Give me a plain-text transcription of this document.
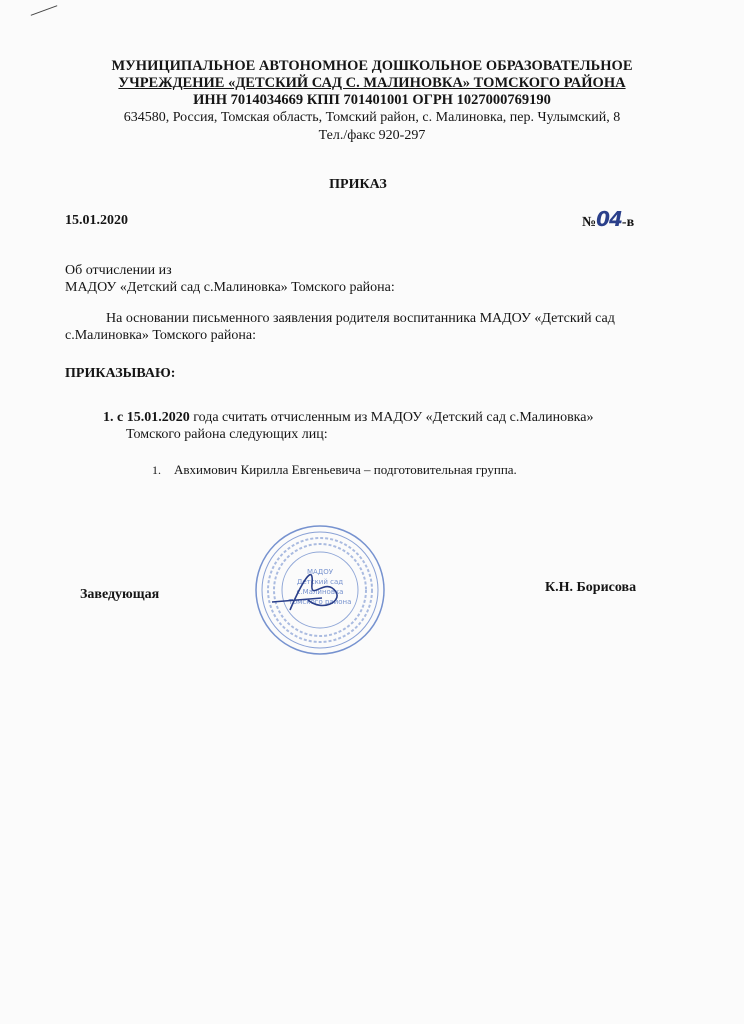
МУНИЦИПАЛЬНОЕ АВТОНОМНОЕ ДОШКОЛЬНОЕ ОБРАЗОВАТЕЛЬНОЕ
УЧРЕЖДЕНИЕ «ДЕТСКИЙ САД С. МАЛИНОВКА» ТОМСКОГО РАЙОНА
ИНН 7014034669 КПП 701401001 ОГРН 1027000769190
634580, Россия, Томская область, Томский район, с. Малиновка, пер. Чулымский, 8
Тел./факс 920-297
ПРИКАЗ
15.01.2020	№04-в
Об отчислении из
МАДОУ «Детский сад с.Малиновка» Томского района:
На основании письменного заявления родителя воспитанника МАДОУ «Детский сад
с.Малиновка» Томского района:
ПРИКАЗЫВАЮ:
1. с 15.01.2020 года считать отчисленным из МАДОУ «Детский сад с.Малиновка»
Томского района следующих лиц:
1. Авхимович Кирилла Евгеньевича – подготовительная группа.
МАДОУ
Детский сад
с.Малиновка
Томского района
Заведующая	К.Н. Борисова
